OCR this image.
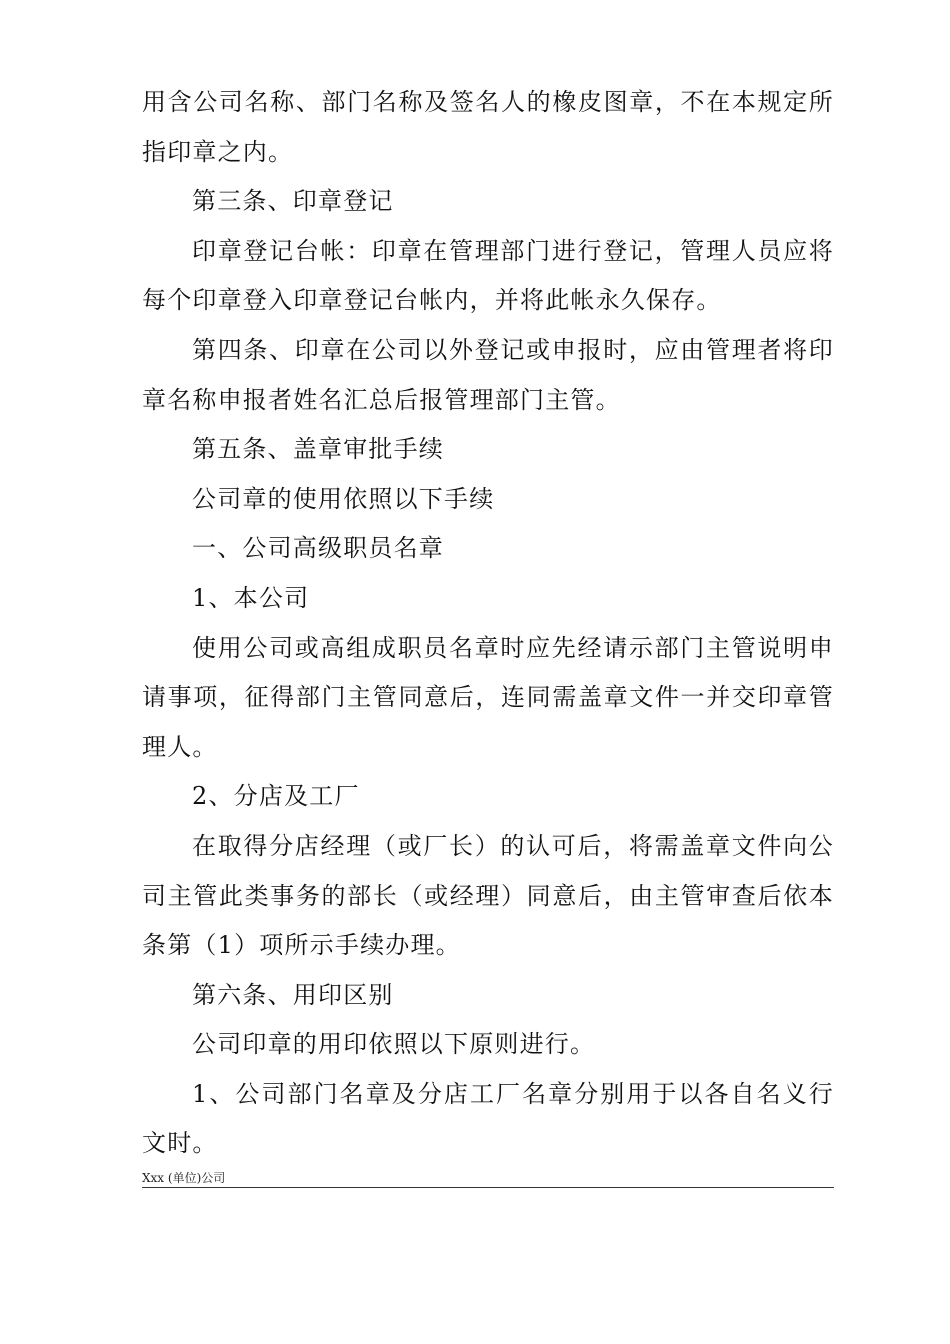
用含公司名称、部门名称及签名人的橡皮图章，不在本规定所指印章之内。

第三条、印章登记

印章登记台帐：印章在管理部门进行登记，管理人员应将每个印章登入印章登记台帐内，并将此帐永久保存。

第四条、印章在公司以外登记或申报时，应由管理者将印章名称申报者姓名汇总后报管理部门主管。

第五条、盖章审批手续

公司章的使用依照以下手续

一、公司高级职员名章

1、本公司

使用公司或高组成职员名章时应先经请示部门主管说明申请事项，征得部门主管同意后，连同需盖章文件一并交印章管理人。

2、分店及工厂

在取得分店经理（或厂长）的认可后，将需盖章文件向公司主管此类事务的部长（或经理）同意后，由主管审查后依本条第（1）项所示手续办理。

第六条、用印区别

公司印章的用印依照以下原则进行。

1、公司部门名章及分店工厂名章分别用于以各自名义行文时。

Xxx (单位)公司
